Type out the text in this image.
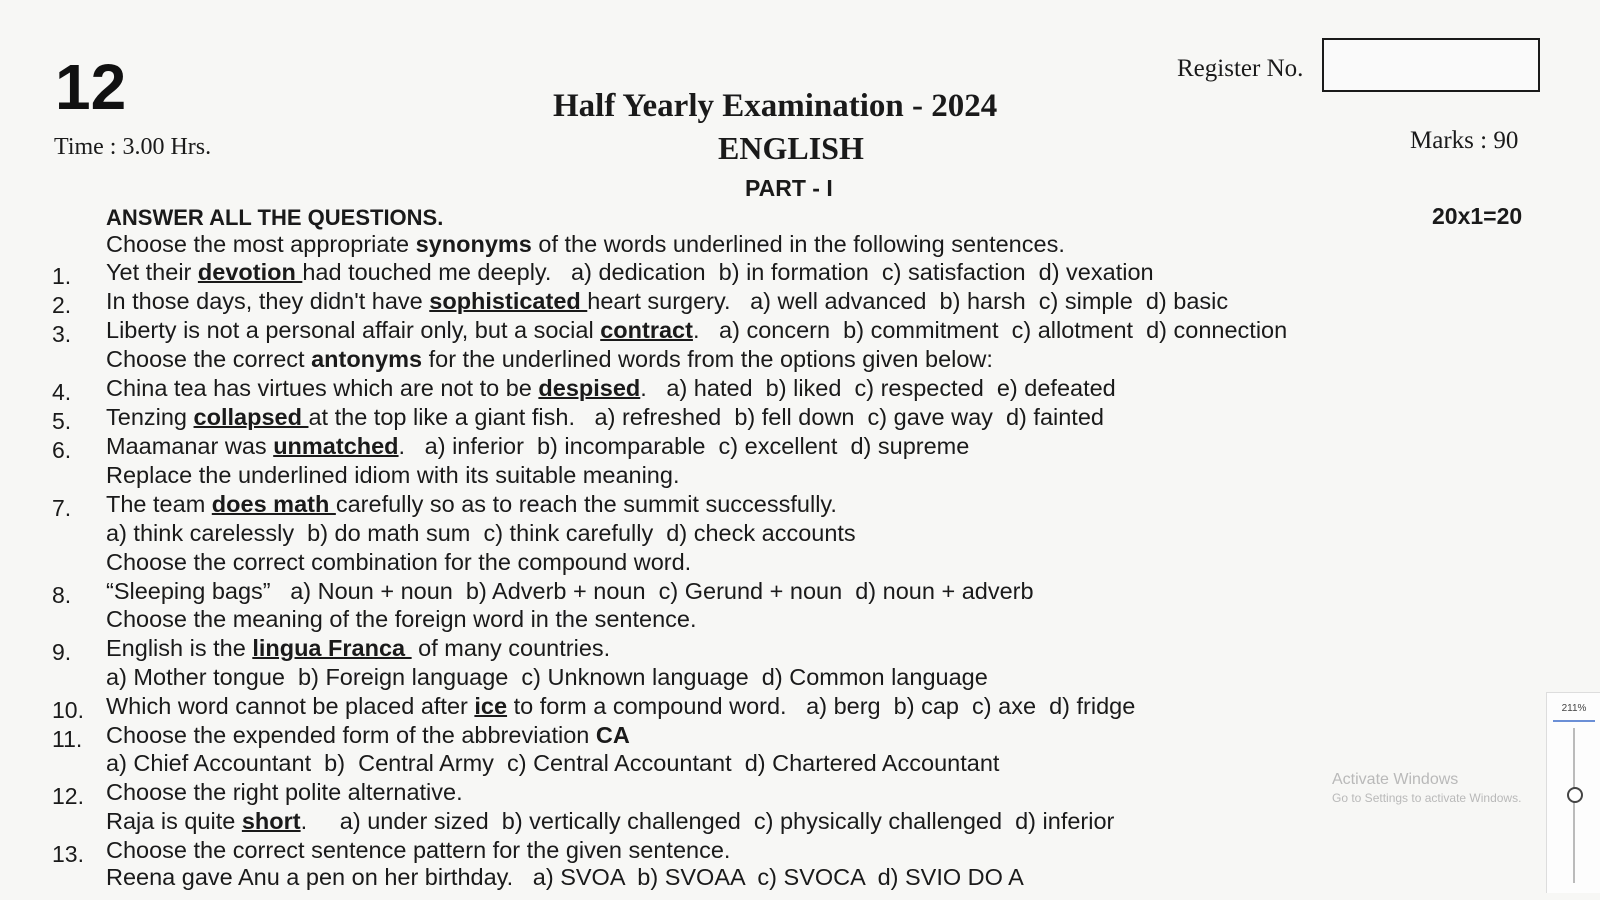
12	Register No.
Half Yearly Examination - 2024
ENGLISH
Time : 3.00 Hrs.	Marks : 90
PART - I
ANSWER ALL THE QUESTIONS.	20x1=20
Choose the most appropriate synonyms of the words underlined in the following sentences.
1. Yet their devotion had touched me deeply.   a) dedication  b) in formation  c) satisfaction  d) vexation
2. In those days, they didn't have sophisticated heart surgery.   a) well advanced  b) harsh  c) simple  d) basic
3. Liberty is not a personal affair only, but a social contract.   a) concern  b) commitment  c) allotment  d) connection
Choose the correct antonyms for the underlined words from the options given below:
4. China tea has virtues which are not to be despised.   a) hated  b) liked  c) respected  e) defeated
5. Tenzing collapsed at the top like a giant fish.   a) refreshed  b) fell down  c) gave way  d) fainted
6. Maamanar was unmatched.   a) inferior  b) incomparable  c) excellent  d) supreme
Replace the underlined idiom with its suitable meaning.
7. The team does math carefully so as to reach the summit successfully.
a) think carelessly  b) do math sum  c) think carefully  d) check accounts
Choose the correct combination for the compound word.
8. “Sleeping bags”   a) Noun + noun  b) Adverb + noun  c) Gerund + noun  d) noun + adverb
Choose the meaning of the foreign word in the sentence.
9. English is the lingua Franca  of many countries.
a) Mother tongue  b) Foreign language  c) Unknown language  d) Common language
10. Which word cannot be placed after ice to form a compound word.   a) berg  b) cap  c) axe  d) fridge
11. Choose the expended form of the abbreviation CA
a) Chief Accountant  b)  Central Army  c) Central Accountant  d) Chartered Accountant
12. Choose the right polite alternative.
Raja is quite short.     a) under sized  b) vertically challenged  c) physically challenged  d) inferior
13. Choose the correct sentence pattern for the given sentence.
Reena gave Anu a pen on her birthday.   a) SVOA  b) SVOAA  c) SVOCA  d) SVIO DO A
Activate Windows
Go to Settings to activate Windows.
211%
